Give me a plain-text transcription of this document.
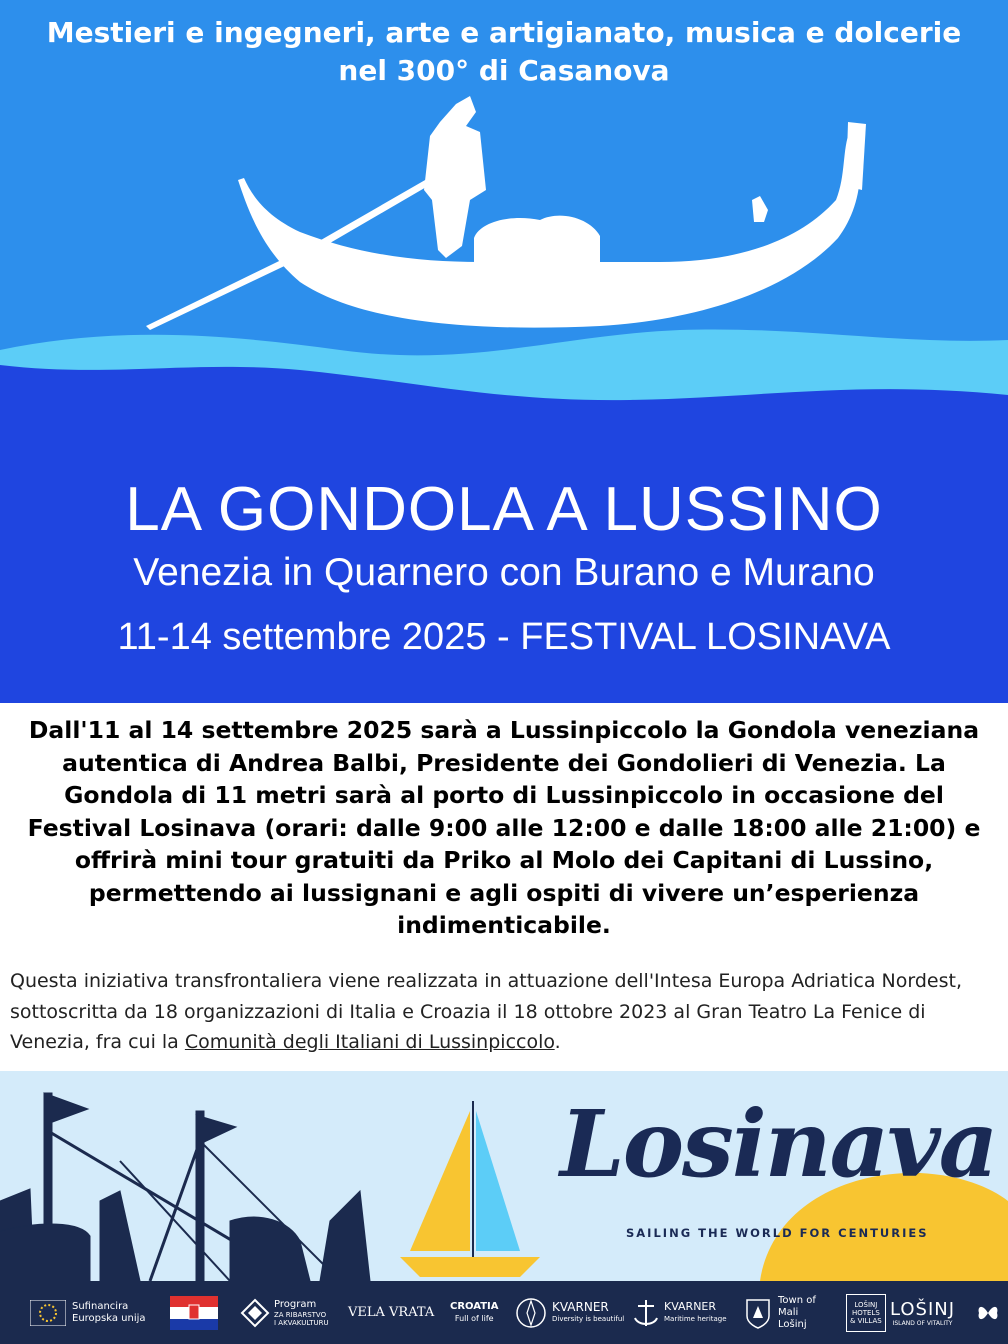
Mestieri e ingegneri, arte e artigianato, musica e dolcerie
nel 300° di Casanova

LA GONDOLA A LUSSINO

Venezia in Quarnero con Burano e Murano

11-14 settembre 2025 - FESTIVAL LOSINAVA

Dall'11 al 14 settembre 2025 sarà a Lussinpiccolo la Gondola veneziana autentica di Andrea Balbi, Presidente dei Gondolieri di Venezia. La Gondola di 11 metri sarà al porto di Lussinpiccolo in occasione del Festival Losinava (orari: dalle 9:00 alle 12:00 e dalle 18:00 alle 21:00) e offrirà mini tour gratuiti da Priko al Molo dei Capitani di Lussino, permettendo ai lussignani e agli ospiti di vivere un’esperienza indimenticabile.

Questa iniziativa transfrontaliera viene realizzata in attuazione dell'Intesa Europa Adriatica Nordest, sottoscritta da 18 organizzazioni di Italia e Croazia il 18 ottobre 2023 al Gran Teatro La Fenice di Venezia, fra cui la Comunità degli Italiani di Lussinpiccolo.

Losinava

SAILING THE WORLD FOR CENTURIES

Sufinancira
Europska unija
Program
ZA RIBARSTVO
I AKVAKULTURU
VELA VRATA CROATIA
Full of life
KVARNER
Diversity is beautiful
KVARNER
Maritime heritage
Town of
Mali
Lošinj
LOŠINJ
HOTELS
& VILLAS
LOŠINJ
ISLAND OF VITALITY
